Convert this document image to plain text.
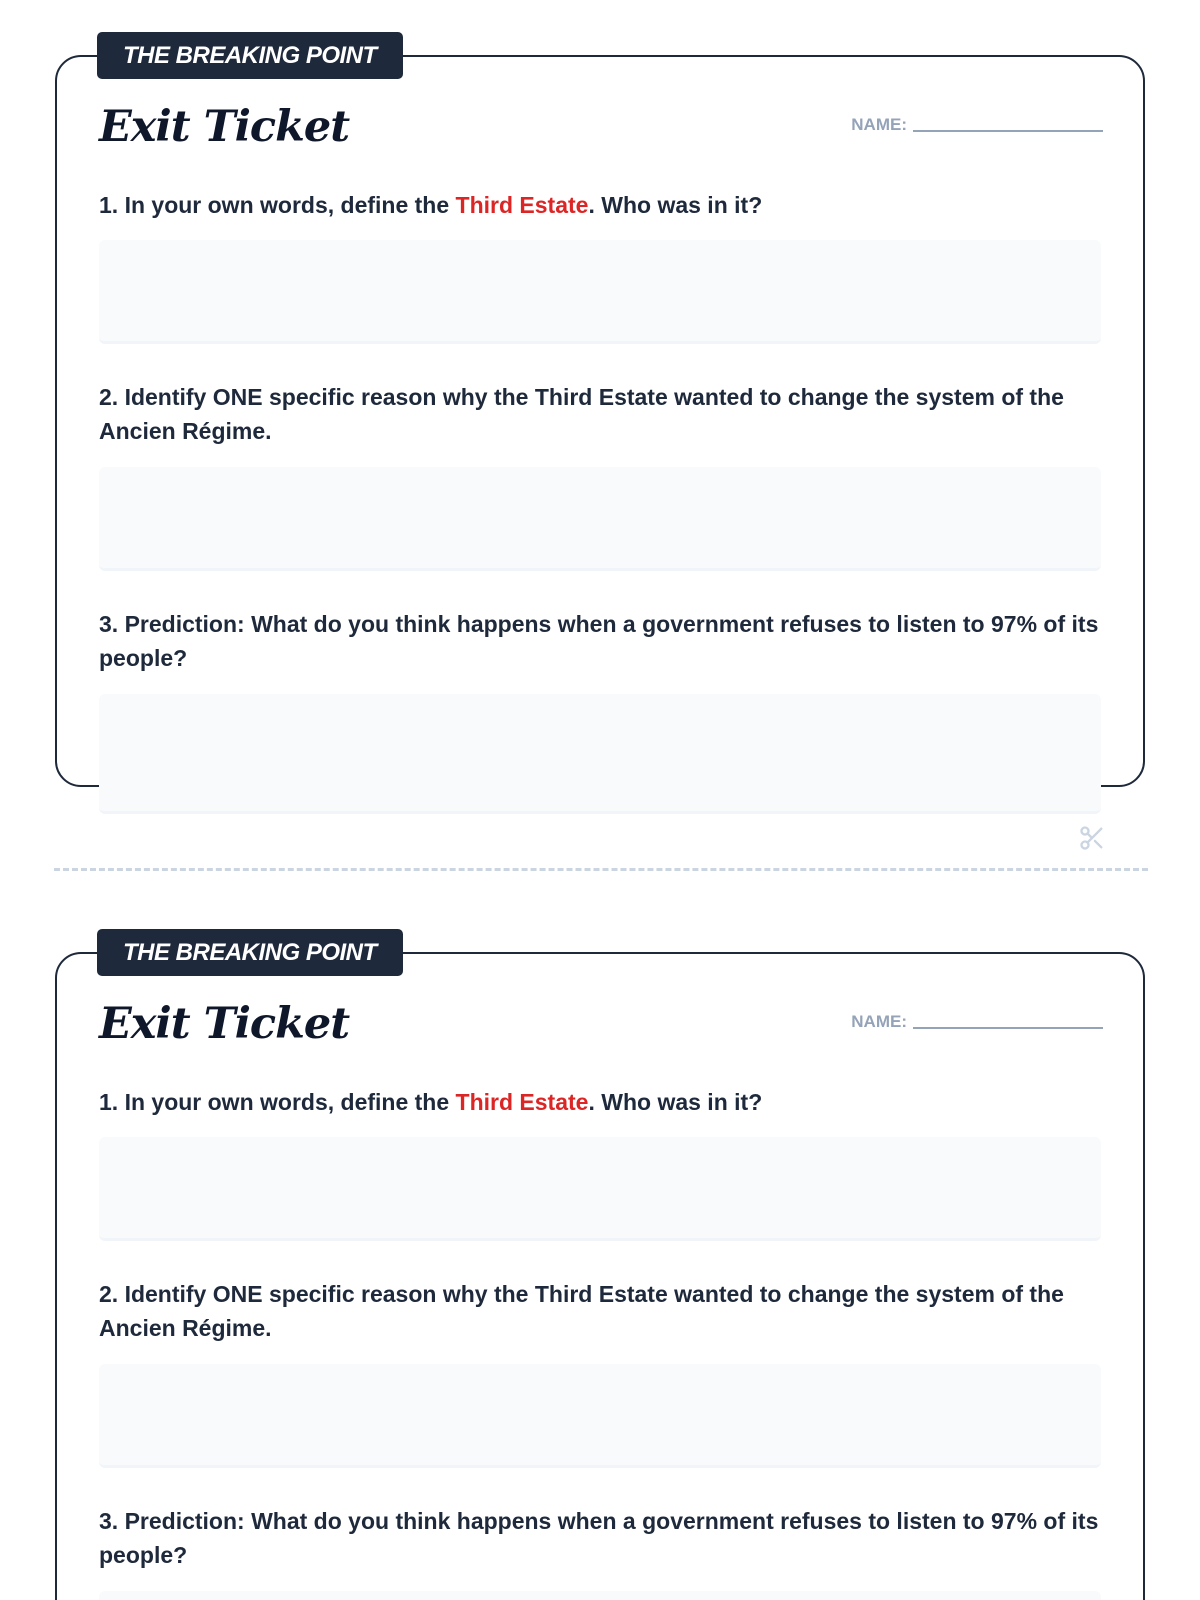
THE BREAKING POINT
Exit Ticket	NAME:

1. In your own words, define the Third Estate. Who was in it?

2. Identify ONE specific reason why the Third Estate wanted to change the system of the Ancien Régime.

3. Prediction: What do you think happens when a government refuses to listen to 97% of its people?

THE BREAKING POINT
Exit Ticket	NAME:

1. In your own words, define the Third Estate. Who was in it?

2. Identify ONE specific reason why the Third Estate wanted to change the system of the Ancien Régime.

3. Prediction: What do you think happens when a government refuses to listen to 97% of its people?
